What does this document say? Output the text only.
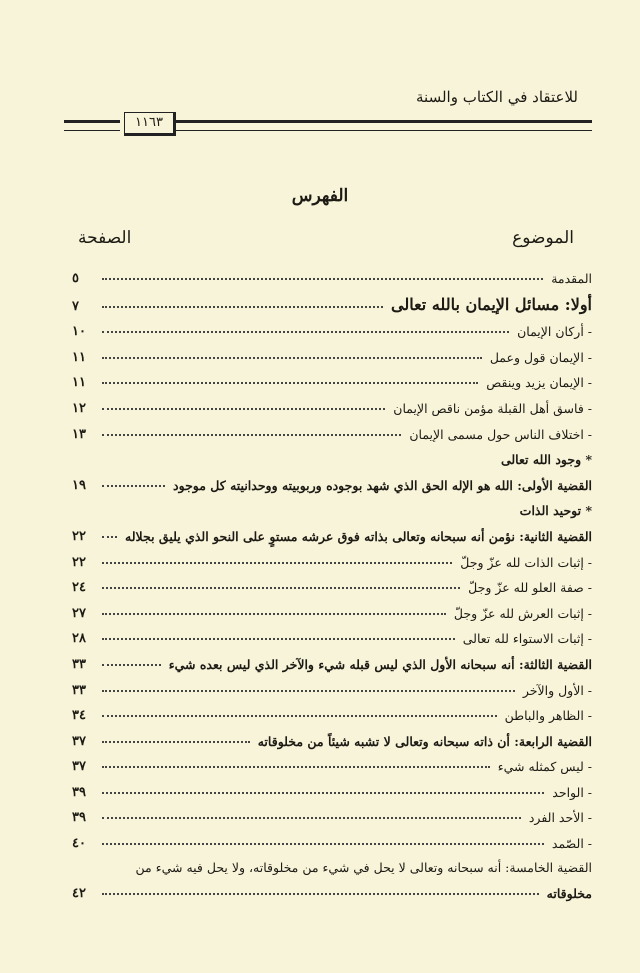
للاعتقاد في الكتاب والسنة
١١٦٣
الفهرس
الموضوع
الصفحة
المقدمة
٥
أولا: مسائل الإيمان بالله تعالى
٧
- أركان الإيمان
١٠
- الإيمان قول وعمل
١١
- الإيمان يزيد وينقص
١١
- فاسق أهل القبلة مؤمن ناقص الإيمان
١٢
- اختلاف الناس حول مسمى الإيمان
١٣
* وجود الله تعالى
القضية الأولى: الله هو الإله الحق الذي شهد بوجوده وربوبيته ووحدانيته كل موجود
١٩
* توحيد الذات
القضية الثانية: نؤمن أنه سبحانه وتعالى بذاته فوق عرشه مستوٍ على النحو الذي يليق بجلاله
٢٢
- إثبات الذات لله عزّ وجلّ
٢٢
- صفة العلو لله عزّ وجلّ
٢٤
- إثبات العرش لله عزّ وجلّ
٢٧
- إثبات الاستواء لله تعالى
٢٨
القضية الثالثة: أنه سبحانه الأول الذي ليس قبله شيء والآخر الذي ليس بعده شيء
٣٣
- الأول والآخر
٣٣
- الظاهر والباطن
٣٤
القضية الرابعة: أن ذاته سبحانه وتعالى لا تشبه شيئاً من مخلوقاته
٣٧
- ليس كمثله شيء
٣٧
- الواحد
٣٩
- الأحد الفرد
٣٩
- الصّمد
٤٠
القضية الخامسة: أنه سبحانه وتعالى لا يحل في شيء من مخلوقاته، ولا يحل فيه شيء من
مخلوقاته
٤٢
